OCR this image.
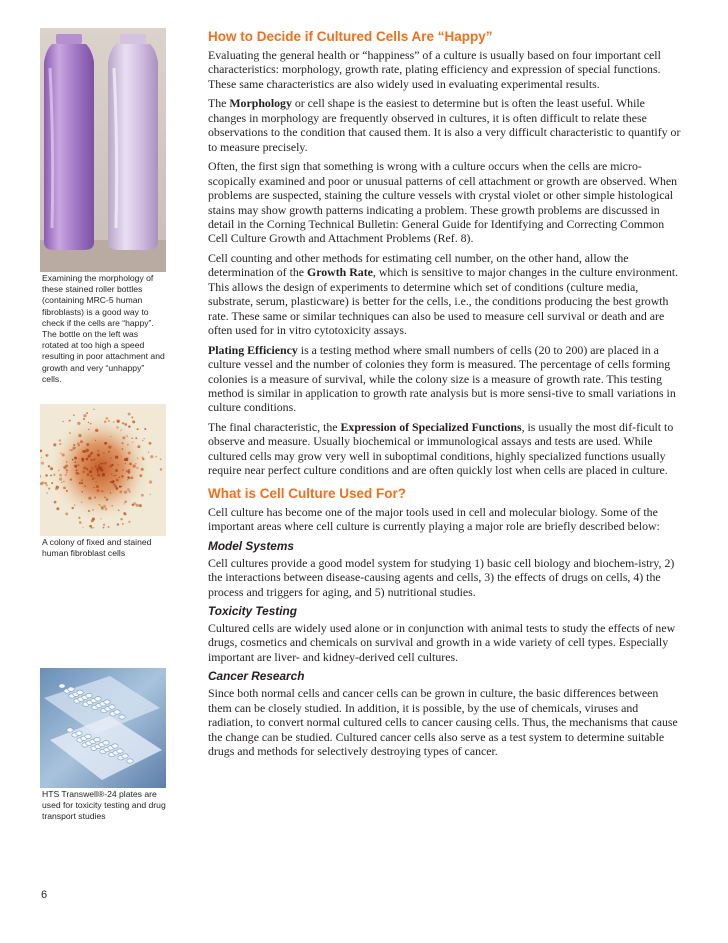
Examining the morphology of these stained roller bottles (containing MRC-5 human fibroblasts) is a good way to check if the cells are “happy”. The bottle on the left was rotated at too high a speed resulting in poor attachment and growth and very “unhappy” cells.
A colony of fixed and stained human fibroblast cells
HTS Transwell®-24 plates are used for toxicity testing and drug transport studies
How to Decide if Cultured Cells Are “Happy”

Evaluating the general health or “happiness” of a culture is usually based on four important cell characteristics: morphology, growth rate, plating efficiency and expression of special functions. These same characteristics are also widely used in evaluating experimental results.

The Morphology or cell shape is the easiest to determine but is often the least useful. While changes in morphology are frequently observed in cultures, it is often difficult to relate these observations to the condition that caused them. It is also a very difficult characteristic to quantify or to measure precisely.

Often, the first sign that something is wrong with a culture occurs when the cells are micro-scopically examined and poor or unusual patterns of cell attachment or growth are observed. When problems are suspected, staining the culture vessels with crystal violet or other simple histological stains may show growth patterns indicating a problem. These growth problems are discussed in detail in the Corning Technical Bulletin: General Guide for Identifying and Correcting Common Cell Culture Growth and Attachment Problems (Ref. 8).

Cell counting and other methods for estimating cell number, on the other hand, allow the determination of the Growth Rate, which is sensitive to major changes in the culture environment. This allows the design of experiments to determine which set of conditions (culture media, substrate, serum, plasticware) is better for the cells, i.e., the conditions producing the best growth rate. These same or similar techniques can also be used to measure cell survival or death and are often used for in vitro cytotoxicity assays.

Plating Efficiency is a testing method where small numbers of cells (20 to 200) are placed in a culture vessel and the number of colonies they form is measured. The percentage of cells forming colonies is a measure of survival, while the colony size is a measure of growth rate. This testing method is similar in application to growth rate analysis but is more sensi-tive to small variations in culture conditions.

The final characteristic, the Expression of Specialized Functions, is usually the most dif-ficult to observe and measure. Usually biochemical or immunological assays and tests are used. While cultured cells may grow very well in suboptimal conditions, highly specialized functions usually require near perfect culture conditions and are often quickly lost when cells are placed in culture.

What is Cell Culture Used For?

Cell culture has become one of the major tools used in cell and molecular biology. Some of the important areas where cell culture is currently playing a major role are briefly described below:

Model Systems

Cell cultures provide a good model system for studying 1) basic cell biology and biochem-istry, 2) the interactions between disease-causing agents and cells, 3) the effects of drugs on cells, 4) the process and triggers for aging, and 5) nutritional studies.

Toxicity Testing

Cultured cells are widely used alone or in conjunction with animal tests to study the effects of new drugs, cosmetics and chemicals on survival and growth in a wide variety of cell types. Especially important are liver- and kidney-derived cell cultures.

Cancer Research

Since both normal cells and cancer cells can be grown in culture, the basic differences between them can be closely studied. In addition, it is possible, by the use of chemicals, viruses and radiation, to convert normal cultured cells to cancer causing cells. Thus, the mechanisms that cause the change can be studied. Cultured cancer cells also serve as a test system to determine suitable drugs and methods for selectively destroying types of cancer.

6
